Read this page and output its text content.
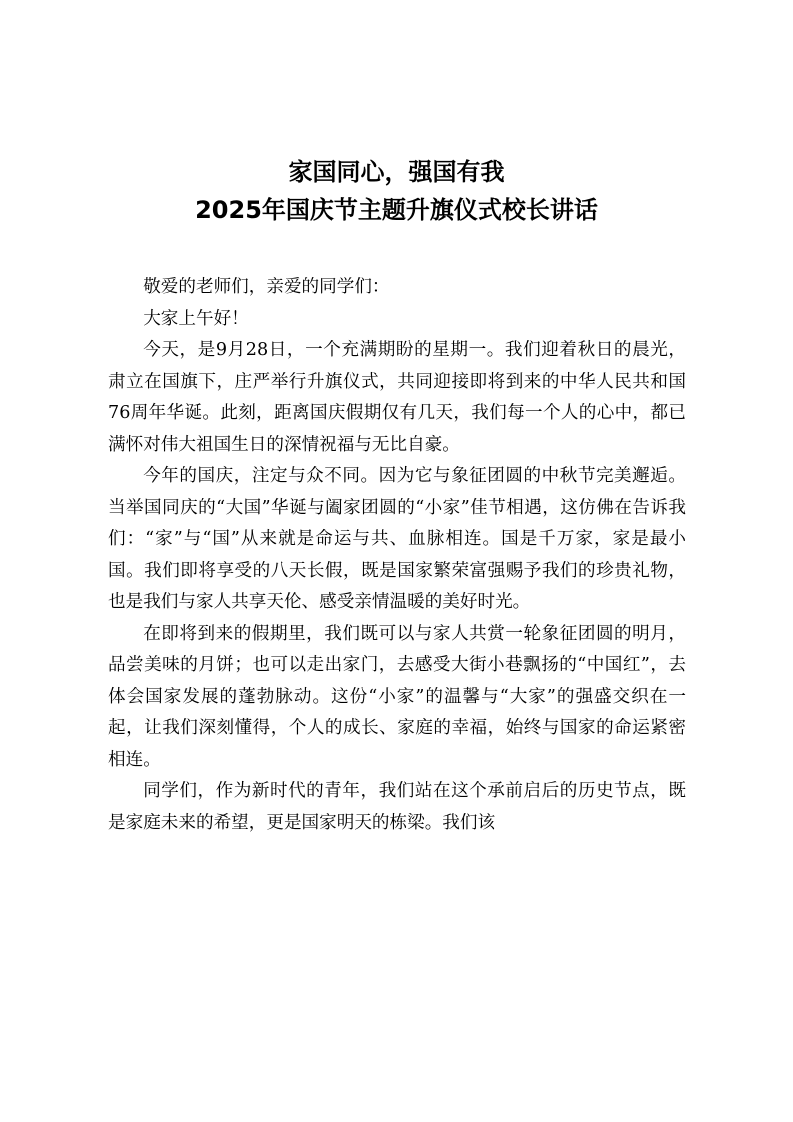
家国同心，强国有我
2025年国庆节主题升旗仪式校长讲话

敬爱的老师们，亲爱的同学们：

大家上午好！

今天，是9月28日，一个充满期盼的星期一。我们迎着秋日的晨光，肃立在国旗下，庄严举行升旗仪式，共同迎接即将到来的中华人民共和国76周年华诞。此刻，距离国庆假期仅有几天，我们每一个人的心中，都已满怀对伟大祖国生日的深情祝福与无比自豪。

今年的国庆，注定与众不同。因为它与象征团圆的中秋节完美邂逅。当举国同庆的“大国”华诞与阖家团圆的“小家”佳节相遇，这仿佛在告诉我们：“家”与“国”从来就是命运与共、血脉相连。国是千万家，家是最小国。我们即将享受的八天长假，既是国家繁荣富强赐予我们的珍贵礼物，也是我们与家人共享天伦、感受亲情温暖的美好时光。

在即将到来的假期里，我们既可以与家人共赏一轮象征团圆的明月，品尝美味的月饼；也可以走出家门，去感受大街小巷飘扬的“中国红”，去体会国家发展的蓬勃脉动。这份“小家”的温馨与“大家”的强盛交织在一起，让我们深刻懂得，个人的成长、家庭的幸福，始终与国家的命运紧密相连。

同学们，作为新时代的青年，我们站在这个承前启后的历史节点，既是家庭未来的希望，更是国家明天的栋梁。我们该
